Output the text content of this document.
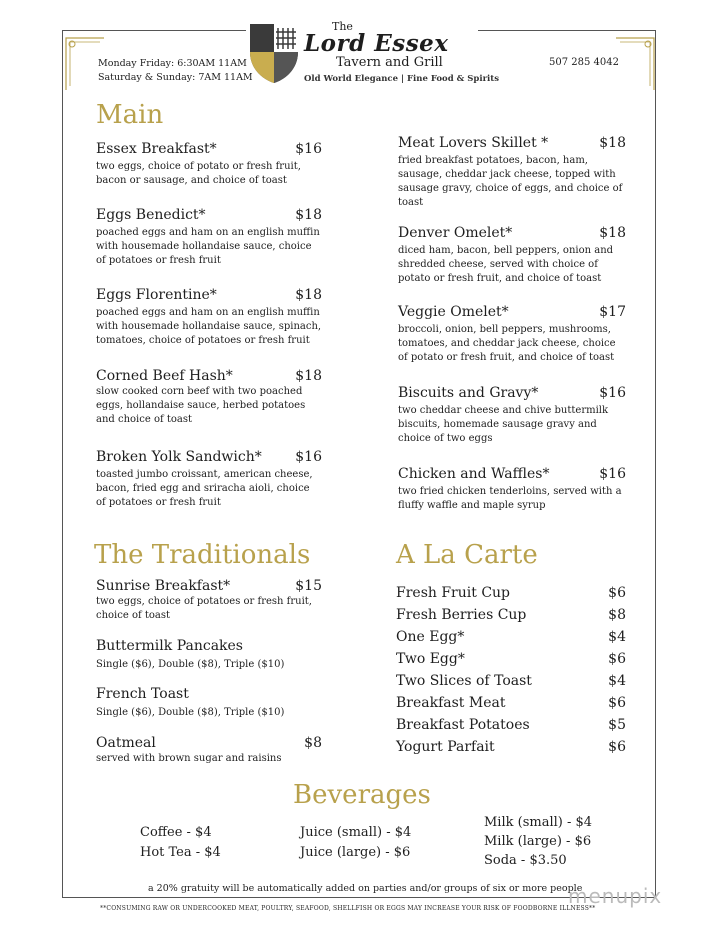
The
Lord Essex
Tavern and Grill
Old World Elegance | Fine Food & Spirits
Monday Friday: 6:30AM 11AM
Saturday & Sunday: 7AM 11AM
507 285 4042
Main
Essex Breakfast*	$16
two eggs, choice of potato or fresh fruit, bacon or sausage, and choice of toast
Eggs Benedict*	$18
poached eggs and ham on an english muffin with housemade hollandaise sauce, choice of potatoes or fresh fruit
Eggs Florentine*	$18
poached eggs and ham on an english muffin with housemade hollandaise sauce, spinach, tomatoes, choice of potatoes or fresh fruit
Corned Beef Hash*	$18
slow cooked corn beef with two poached eggs, hollandaise sauce, herbed potatoes and choice of toast
Broken Yolk Sandwich*	$16
toasted jumbo croissant, american cheese, bacon, fried egg and sriracha aioli, choice of potatoes or fresh fruit
Meat Lovers Skillet *	$18
fried breakfast potatoes, bacon, ham, sausage, cheddar jack cheese, topped with sausage gravy, choice of eggs, and choice of toast
Denver Omelet*	$18
diced ham, bacon, bell peppers, onion and shredded cheese, served with choice of potato or fresh fruit, and choice of toast
Veggie Omelet*	$17
broccoli, onion, bell peppers, mushrooms, tomatoes, and cheddar jack cheese, choice of potato or fresh fruit, and choice of toast
Biscuits and Gravy*	$16
two cheddar cheese and chive buttermilk biscuits, homemade sausage gravy and choice of two eggs
Chicken and Waffles*	$16
two fried chicken tenderloins, served with a fluffy waffle and maple syrup
The Traditionals
Sunrise Breakfast*	$15
two eggs, choice of potatoes or fresh fruit, choice of toast
Buttermilk Pancakes
Single ($6), Double ($8), Triple ($10)
French Toast
Single ($6), Double ($8), Triple ($10)
Oatmeal	$8
served with brown sugar and raisins
A La Carte
Fresh Fruit Cup	$6
Fresh Berries Cup	$8
One Egg*	$4
Two Egg*	$6
Two Slices of Toast	$4
Breakfast Meat	$6
Breakfast Potatoes	$5
Yogurt Parfait	$6
Beverages
Coffee - $4
Hot Tea - $4
Juice (small) - $4
Juice (large) - $6
Milk (small) - $4
Milk (large) - $6
Soda - $3.50
a 20% gratuity will be automatically added on parties and/or groups of six or more people
**CONSUMING RAW OR UNDERCOOKED MEAT, POULTRY, SEAFOOD, SHELLFISH OR EGGS MAY INCREASE YOUR RISK OF FOODBORNE ILLNESS**
menupix
